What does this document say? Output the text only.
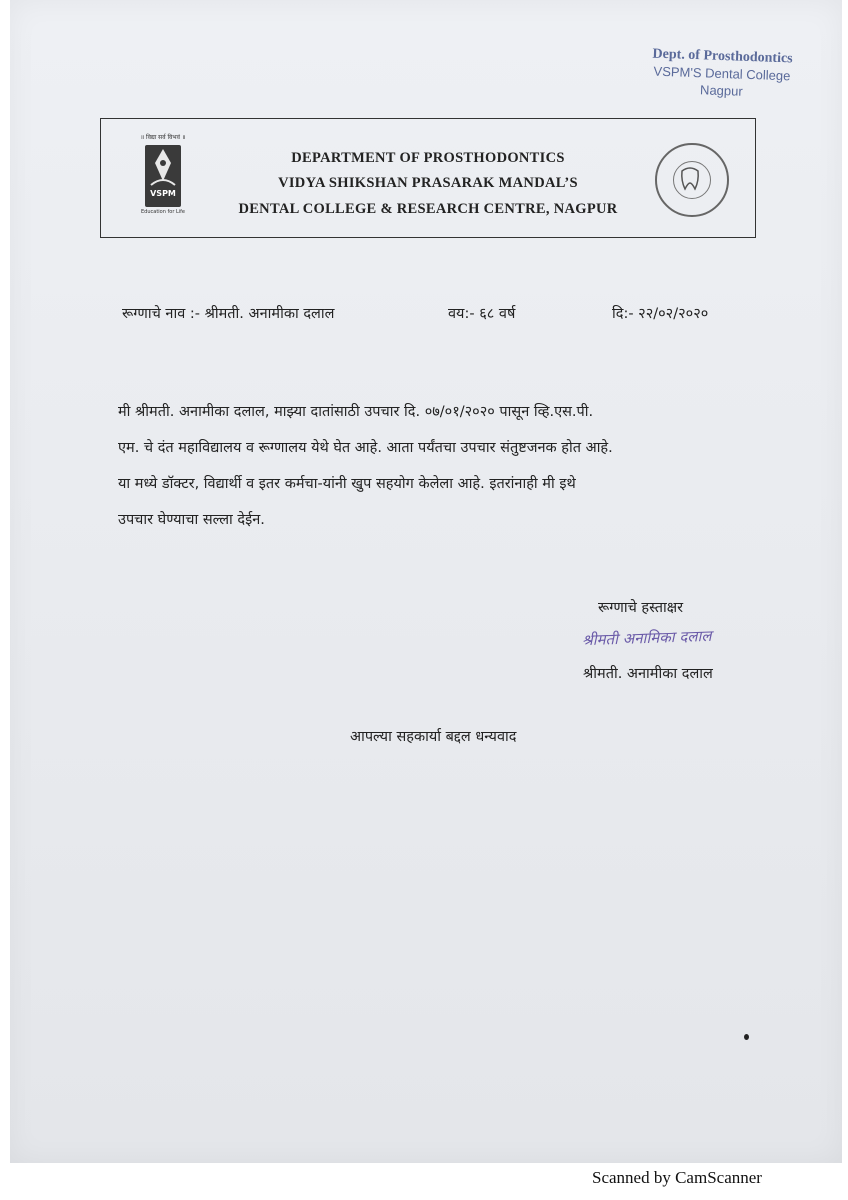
Dept. of Prosthodontics
VSPM'S Dental College
Nagpur
॥ विद्या सर्व विभवं ॥
VSPM
Education for Life
DEPARTMENT OF PROSTHODONTICS
VIDYA SHIKSHAN PRASARAK MANDAL’S
DENTAL COLLEGE & RESEARCH CENTRE, NAGPUR
रूग्णाचे नाव :- श्रीमती. अनामीका दलाल	वय:- ६८ वर्ष	दि:- २२/०२/२०२०
मी श्रीमती. अनामीका दलाल, माझ्या दातांसाठी उपचार दि. ०७/०१/२०२० पासून व्हि.एस.पी.
एम. चे दंत महाविद्यालय व रूग्णालय येथे घेत आहे. आता पर्यंतचा उपचार संतुष्टजनक होत आहे.
या मध्ये डॉक्टर, विद्यार्थी व इतर कर्मचा-यांनी खुप सहयोग केलेला आहे. इतरांनाही मी इथे
उपचार घेण्याचा सल्ला देईन.
रूग्णाचे हस्ताक्षर
श्रीमती अनामिका दलाल
श्रीमती. अनामीका दलाल
आपल्या सहकार्या बद्दल धन्यवाद
Scanned by CamScanner
